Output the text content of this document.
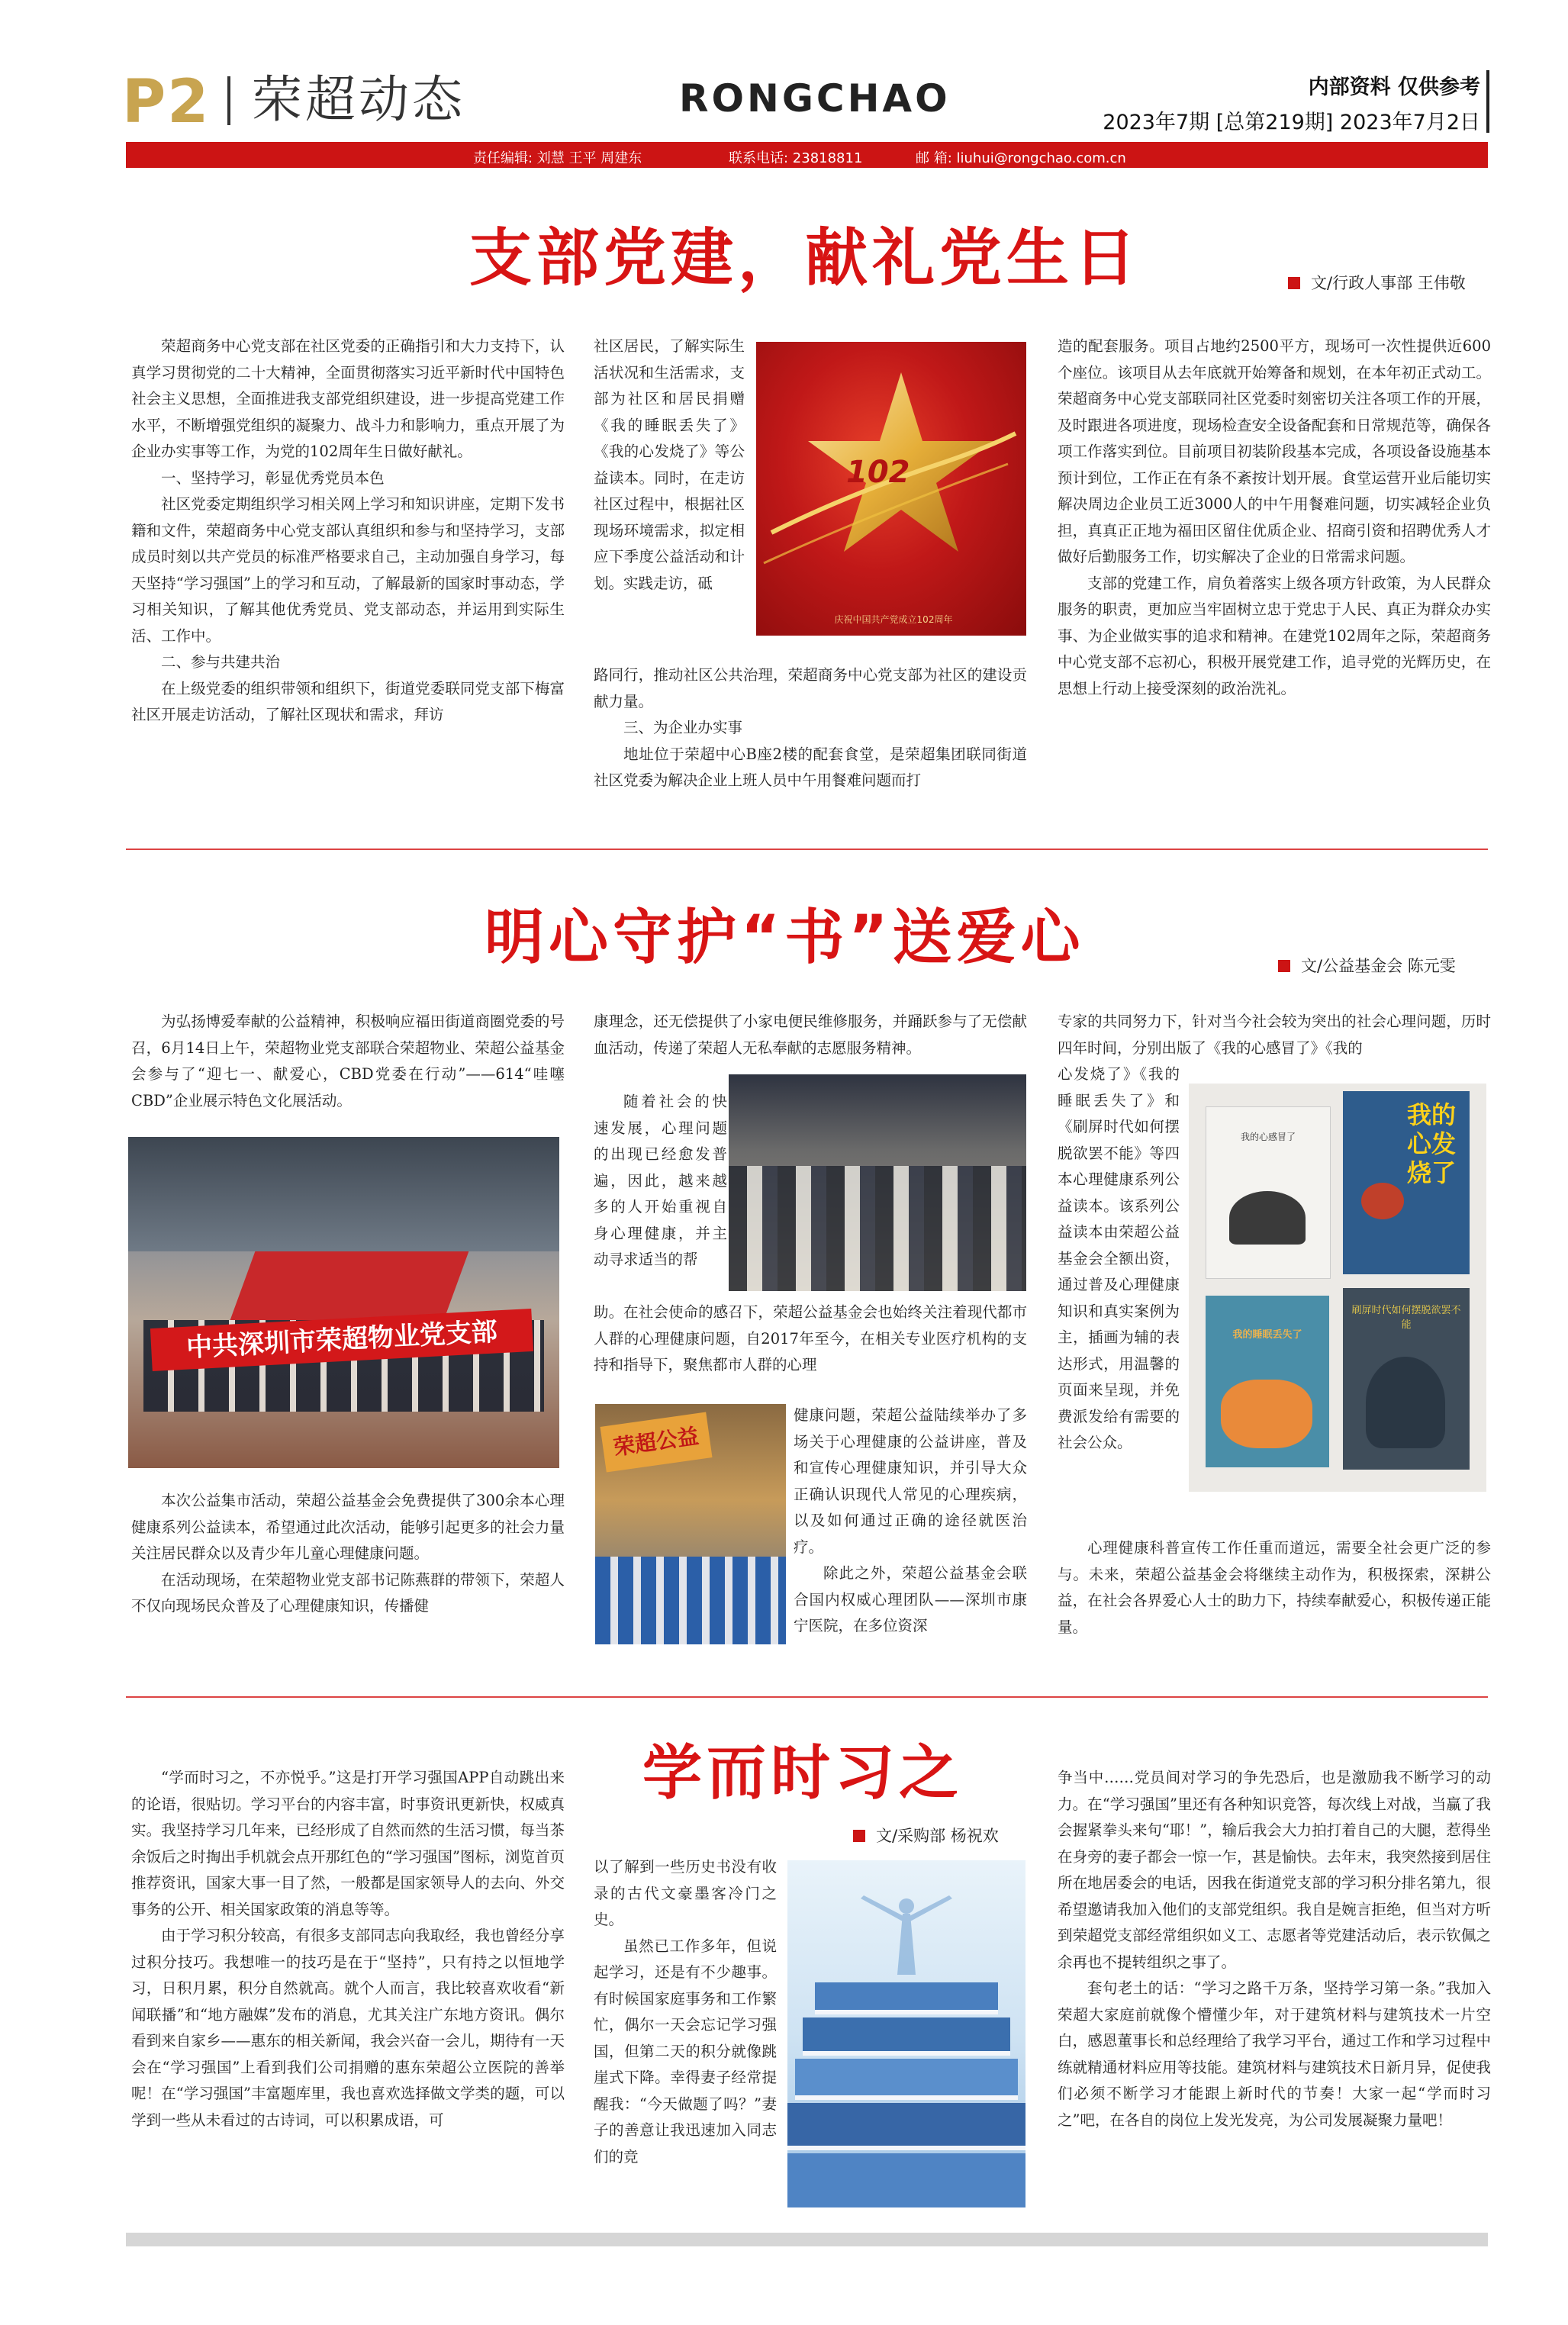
P2 荣超动态	RONGCHAO	内部资料 仅供参考
2023年7期 [总第219期] 2023年7月2日
责任编辑: 刘慧 王平 周建东	联系电话: 23818811	邮 箱: liuhui@rongchao.com.cn
支部党建，献礼党生日	文/行政人事部 王伟敬

荣超商务中心党支部在社区党委的正确指引和大力支持下，认真学习贯彻党的二十大精神，全面贯彻落实习近平新时代中国特色社会主义思想，全面推进我支部党组织建设，进一步提高党建工作水平，不断增强党组织的凝聚力、战斗力和影响力，重点开展了为企业办实事等工作，为党的102周年生日做好献礼。

一、坚持学习，彰显优秀党员本色

社区党委定期组织学习相关网上学习和知识讲座，定期下发书籍和文件，荣超商务中心党支部认真组织和参与和坚持学习，支部成员时刻以共产党员的标准严格要求自己，主动加强自身学习，每天坚持“学习强国”上的学习和互动，了解最新的国家时事动态，学习相关知识，了解其他优秀党员、党支部动态，并运用到实际生活、工作中。

二、参与共建共治

在上级党委的组织带领和组织下，街道党委联同党支部下梅富社区开展走访活动，了解社区现状和需求，拜访

社区居民，了解实际生活状况和生活需求，支部为社区和居民捐赠《我的睡眠丢失了》《我的心发烧了》等公益读本。同时，在走访社区过程中，根据社区现场环境需求，拟定相应下季度公益活动和计划。实践走访，砥

102
庆祝中国共产党成立102周年

路同行，推动社区公共治理，荣超商务中心党支部为社区的建设贡献力量。

三、为企业办实事

地址位于荣超中心B座2楼的配套食堂，是荣超集团联同街道社区党委为解决企业上班人员中午用餐难问题而打

造的配套服务。项目占地约2500平方，现场可一次性提供近600个座位。该项目从去年底就开始筹备和规划，在本年初正式动工。荣超商务中心党支部联同社区党委时刻密切关注各项工作的开展，及时跟进各项进度，现场检查安全设备配套和日常规范等，确保各项工作落实到位。目前项目初装阶段基本完成，各项设备设施基本预计到位，工作正在有条不紊按计划开展。食堂运营开业后能切实解决周边企业员工近3000人的中午用餐难问题，切实减轻企业负担，真真正正地为福田区留住优质企业、招商引资和招聘优秀人才做好后勤服务工作，切实解决了企业的日常需求问题。

支部的党建工作，肩负着落实上级各项方针政策，为人民群众服务的职责，更加应当牢固树立忠于党忠于人民、真正为群众办实事、为企业做实事的追求和精神。在建党102周年之际，荣超商务中心党支部不忘初心，积极开展党建工作，追寻党的光辉历史，在思想上行动上接受深刻的政治洗礼。

明心守护“书”送爱心	文/公益基金会 陈元雯

为弘扬博爱奉献的公益精神，积极响应福田街道商圈党委的号召，6月14日上午，荣超物业党支部联合荣超物业、荣超公益基金会参与了“迎七一、献爱心，CBD党委在行动”——614“哇噻CBD”企业展示特色文化展活动。

中共深圳市荣超物业党支部

本次公益集市活动，荣超公益基金会免费提供了300余本心理健康系列公益读本，希望通过此次活动，能够引起更多的社会力量关注居民群众以及青少年儿童心理健康问题。

在活动现场，在荣超物业党支部书记陈燕群的带领下，荣超人不仅向现场民众普及了心理健康知识，传播健

康理念，还无偿提供了小家电便民维修服务，并踊跃参与了无偿献血活动，传递了荣超人无私奉献的志愿服务精神。

随着社会的快速发展，心理问题的出现已经愈发普遍，因此，越来越多的人开始重视自身心理健康，并主动寻求适当的帮

助。在社会使命的感召下，荣超公益基金会也始终关注着现代都市人群的心理健康问题，自2017年至今，在相关专业医疗机构的支持和指导下，聚焦都市人群的心理

荣超公益

健康问题，荣超公益陆续举办了多场关于心理健康的公益讲座，普及和宣传心理健康知识，并引导大众正确认识现代人常见的心理疾病，以及如何通过正确的途径就医治疗。

除此之外，荣超公益基金会联合国内权威心理团队——深圳市康宁医院，在多位资深

专家的共同努力下，针对当今社会较为突出的社会心理问题，历时四年时间，分别出版了《我的心感冒了》《我的

心发烧了》《我的睡眠丢失了》和《刷屏时代如何摆脱欲罢不能》等四本心理健康系列公益读本。该系列公益读本由荣超公益基金会全额出资，通过普及心理健康知识和真实案例为主，插画为辅的表达形式，用温馨的页面来呈现，并免费派发给有需要的社会公众。

我的心感冒了
我的心发烧了
我的睡眠丢失了
刷屏时代如何摆脱欲罢不能

心理健康科普宣传工作任重而道远，需要全社会更广泛的参与。未来，荣超公益基金会将继续主动作为，积极探索，深耕公益，在社会各界爱心人士的助力下，持续奉献爱心，积极传递正能量。

学而时习之
文/采购部 杨祝欢

“学而时习之，不亦悦乎。”这是打开学习强国APP自动跳出来的论语，很贴切。学习平台的内容丰富，时事资讯更新快，权威真实。我坚持学习几年来，已经形成了自然而然的生活习惯，每当茶余饭后之时掏出手机就会点开那红色的“学习强国”图标，浏览首页推荐资讯，国家大事一目了然，一般都是国家领导人的去向、外交事务的公开、相关国家政策的消息等等。

由于学习积分较高，有很多支部同志向我取经，我也曾经分享过积分技巧。我想唯一的技巧是在于“坚持”，只有持之以恒地学习，日积月累，积分自然就高。就个人而言，我比较喜欢收看“新闻联播”和“地方融媒”发布的消息，尤其关注广东地方资讯。偶尔看到来自家乡——惠东的相关新闻，我会兴奋一会儿，期待有一天会在“学习强国”上看到我们公司捐赠的惠东荣超公立医院的善举呢！在“学习强国”丰富题库里，我也喜欢选择做文学类的题，可以学到一些从未看过的古诗词，可以积累成语，可

以了解到一些历史书没有收录的古代文豪墨客冷门之史。

虽然已工作多年，但说起学习，还是有不少趣事。有时候国家庭事务和工作繁忙，偶尔一天会忘记学习强国，但第二天的积分就像跳崖式下降。幸得妻子经常提醒我：“今天做题了吗？”妻子的善意让我迅速加入同志们的竞

争当中……党员间对学习的争先恐后，也是激励我不断学习的动力。在“学习强国”里还有各种知识竞答，每次线上对战，当赢了我会握紧拳头来句“耶！”，输后我会大力拍打着自己的大腿，惹得坐在身旁的妻子都会一惊一乍，甚是愉快。去年末，我突然接到居住所在地居委会的电话，因我在街道党支部的学习积分排名第九，很希望邀请我加入他们的支部党组织。我自是婉言拒绝，但当对方听到荣超党支部经常组织如义工、志愿者等党建活动后，表示钦佩之余再也不提转组织之事了。

套句老土的话：“学习之路千万条，坚持学习第一条。”我加入荣超大家庭前就像个懵懂少年，对于建筑材料与建筑技术一片空白，感恩董事长和总经理给了我学习平台，通过工作和学习过程中练就精通材料应用等技能。建筑材料与建筑技术日新月异，促使我们必须不断学习才能跟上新时代的节奏！大家一起“学而时习之”吧，在各自的岗位上发光发亮，为公司发展凝聚力量吧！
